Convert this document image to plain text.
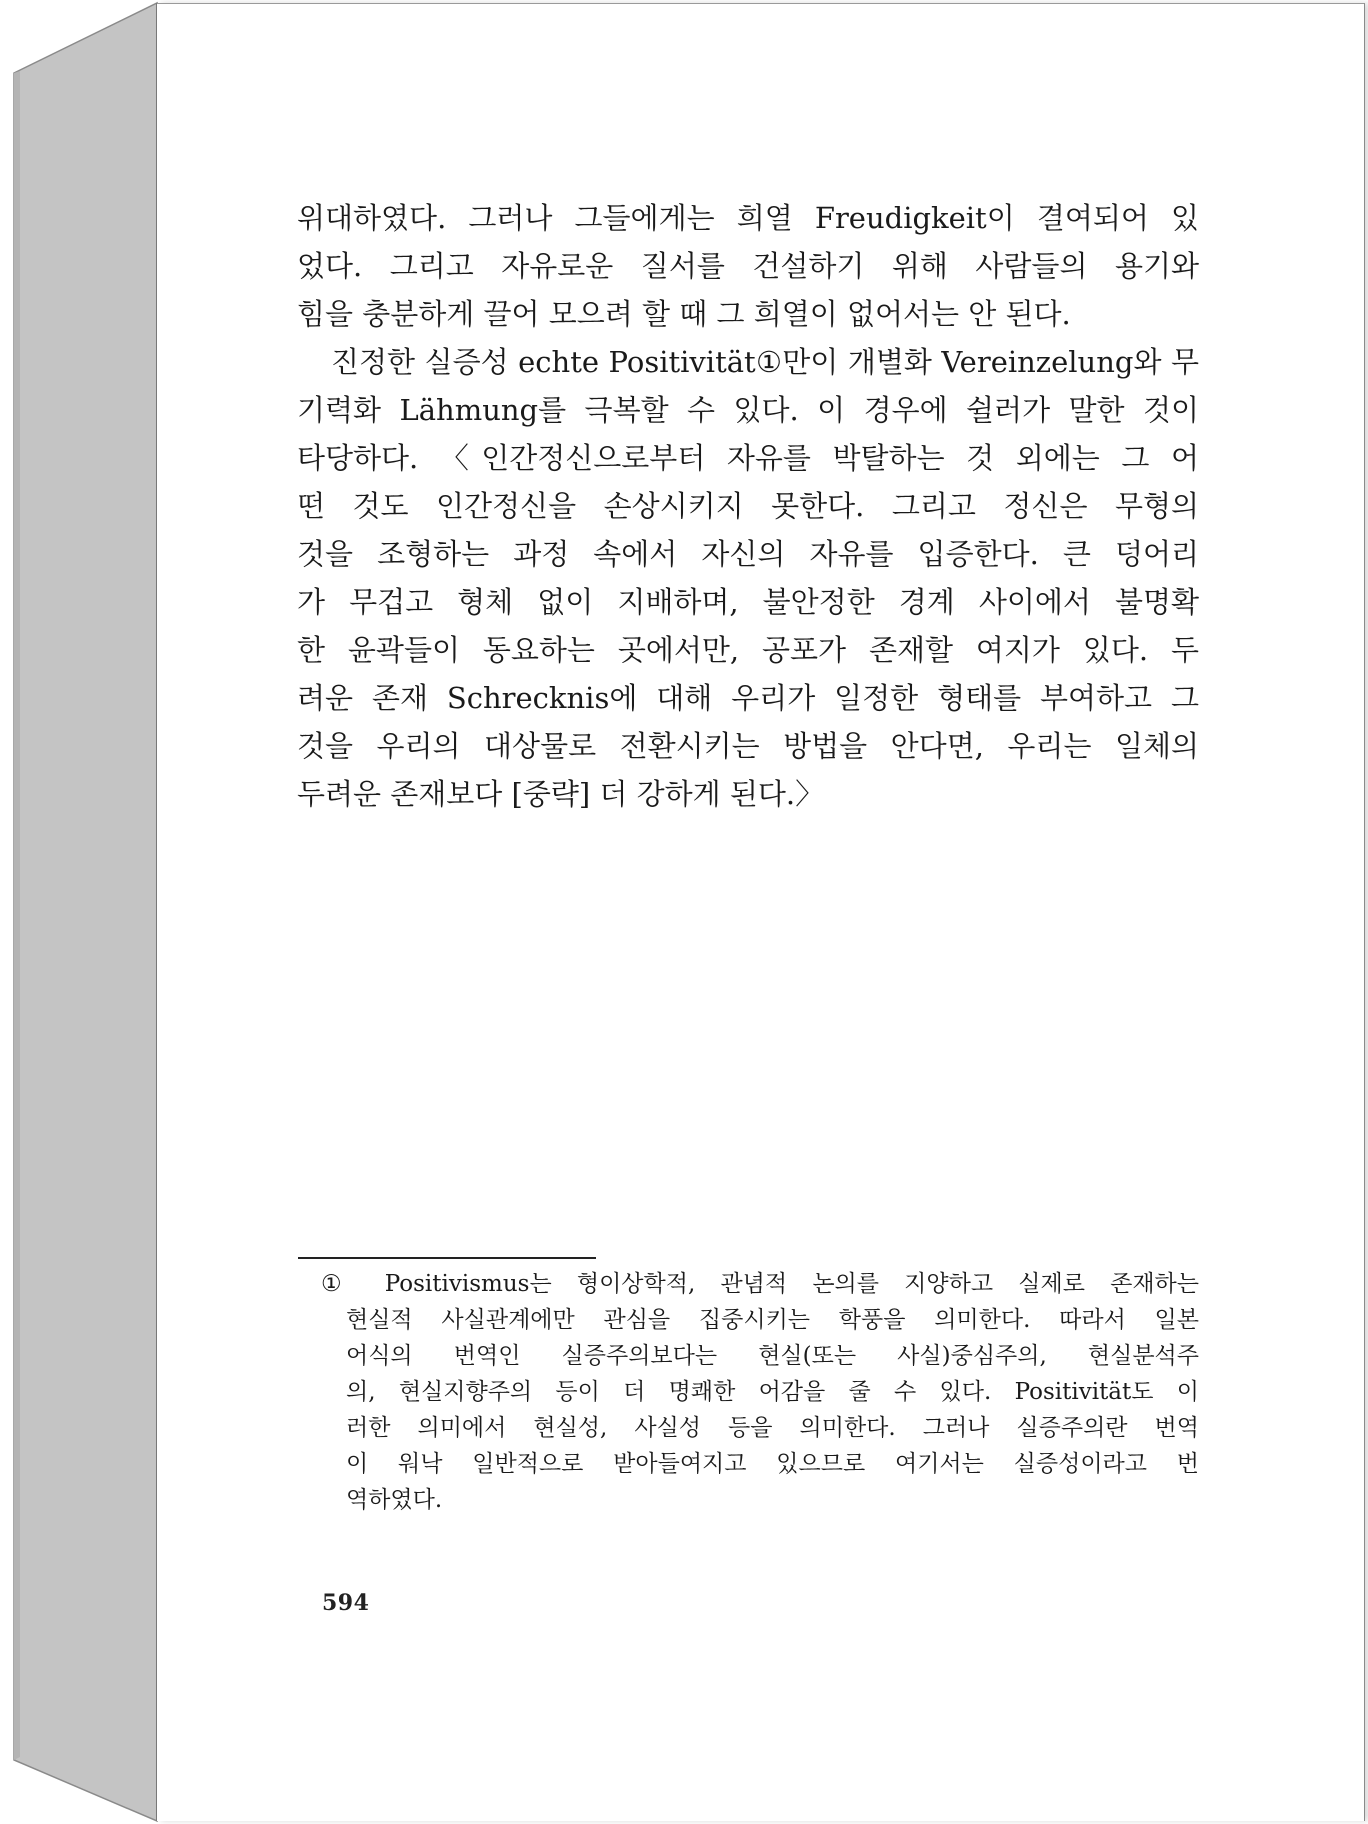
위대하였다. 그러나 그들에게는 희열 Freudigkeit이 결여되어 있
었다. 그리고 자유로운 질서를 건설하기 위해 사람들의 용기와
힘을 충분하게 끌어 모으려 할 때 그 희열이 없어서는 안 된다.
진정한 실증성 echte Positivität①만이 개별화 Vereinzelung와 무
기력화 Lähmung를 극복할 수 있다. 이 경우에 쉴러가 말한 것이
타당하다. 〈인간정신으로부터 자유를 박탈하는 것 외에는 그 어
떤 것도 인간정신을 손상시키지 못한다. 그리고 정신은 무형의
것을 조형하는 과정 속에서 자신의 자유를 입증한다. 큰 덩어리
가 무겁고 형체 없이 지배하며, 불안정한 경계 사이에서 불명확
한 윤곽들이 동요하는 곳에서만, 공포가 존재할 여지가 있다. 두
려운 존재 Schrecknis에 대해 우리가 일정한 형태를 부여하고 그
것을 우리의 대상물로 전환시키는 방법을 안다면, 우리는 일체의
두려운 존재보다 [중략] 더 강하게 된다.〉
① Positivismus는 형이상학적, 관념적 논의를 지양하고 실제로 존재하는
현실적 사실관계에만 관심을 집중시키는 학풍을 의미한다. 따라서 일본
어식의 번역인 실증주의보다는 현실(또는 사실)중심주의, 현실분석주
의, 현실지향주의 등이 더 명쾌한 어감을 줄 수 있다. Positivität도 이
러한 의미에서 현실성, 사실성 등을 의미한다. 그러나 실증주의란 번역
이 워낙 일반적으로 받아들여지고 있으므로 여기서는 실증성이라고 번
역하였다.
594
